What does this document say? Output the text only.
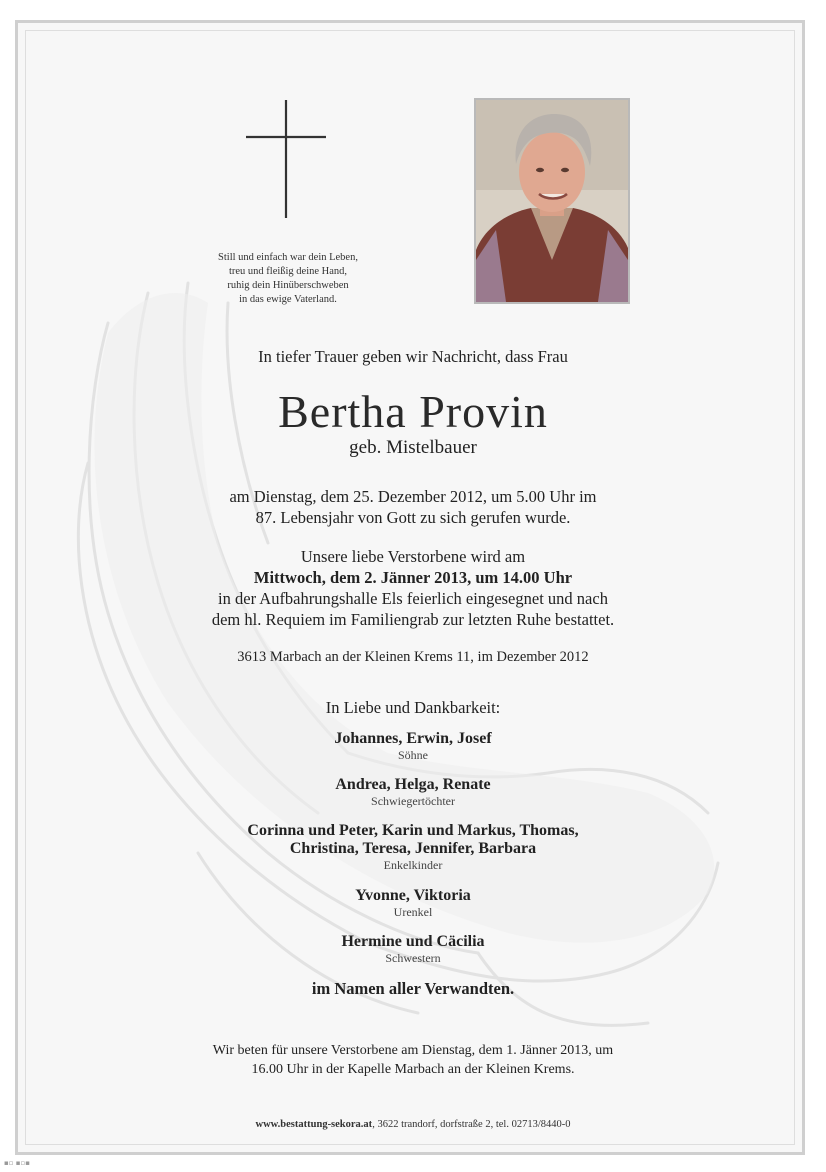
Still und einfach war dein Leben,
treu und fleißig deine Hand,
ruhig dein Hinüberschweben
in das ewige Vaterland.
In tiefer Trauer geben wir Nachricht, dass Frau
Bertha Provin
geb. Mistelbauer
am Dienstag, dem 25. Dezember 2012, um 5.00 Uhr im
87. Lebensjahr von Gott zu sich gerufen wurde.
Unsere liebe Verstorbene wird am
Mittwoch, dem 2. Jänner 2013, um 14.00 Uhr
in der Aufbahrungshalle Els feierlich eingesegnet und nach
dem hl. Requiem im Familiengrab zur letzten Ruhe bestattet.
3613 Marbach an der Kleinen Krems 11, im Dezember 2012
In Liebe und Dankbarkeit:
Johannes, Erwin, Josef
Söhne
Andrea, Helga, Renate
Schwiegertöchter
Corinna und Peter, Karin und Markus, Thomas,
Christina, Teresa, Jennifer, Barbara
Enkelkinder
Yvonne, Viktoria
Urenkel
Hermine und Cäcilia
Schwestern
im Namen aller Verwandten.
Wir beten für unsere Verstorbene am Dienstag, dem 1. Jänner 2013, um
16.00 Uhr in der Kapelle Marbach an der Kleinen Krems.
www.bestattung-sekora.at, 3622 trandorf, dorfstraße 2, tel. 02713/8440-0
▪▫ ▪▫▪
